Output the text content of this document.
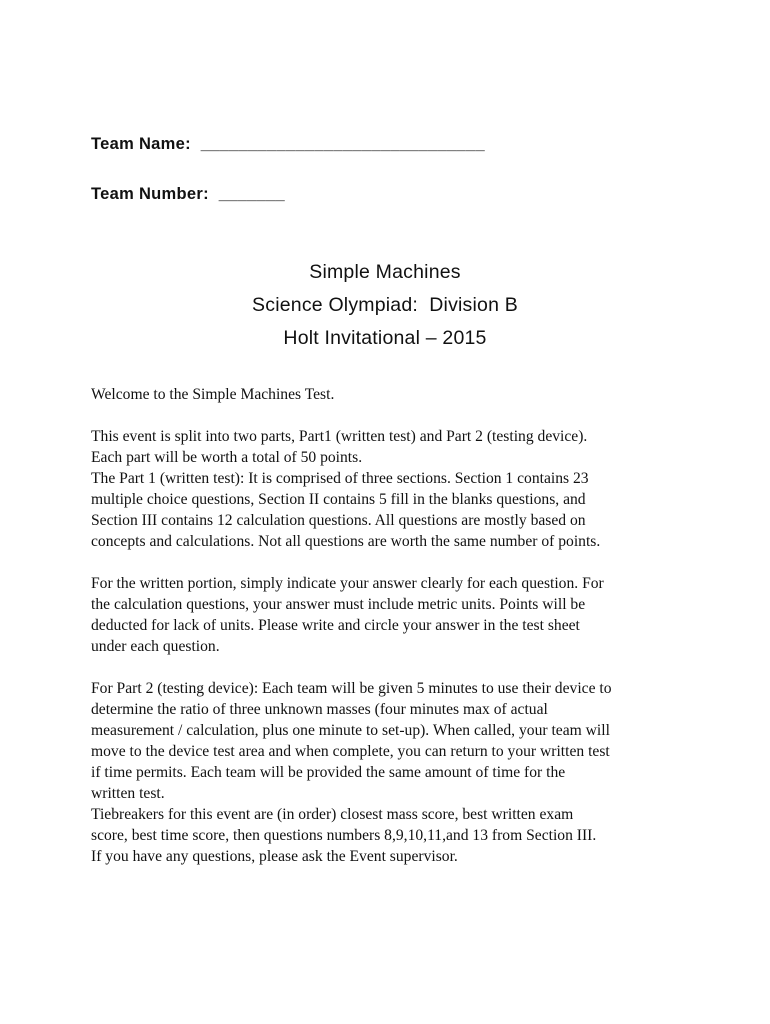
Team Name: ______________________________

Team Number: _______

Simple Machines
Science Olympiad:  Division B
Holt Invitational – 2015

Welcome to the Simple Machines Test.

This event is split into two parts, Part1 (written test) and Part 2 (testing device).

Each part will be worth a total of 50 points.

The Part 1 (written test): It is comprised of three sections. Section 1 contains 23

multiple choice questions, Section II contains 5 fill in the blanks questions, and

Section III contains 12 calculation questions. All questions are mostly based on

concepts and calculations. Not all questions are worth the same number of points.

For the written portion, simply indicate your answer clearly for each question. For

the calculation questions, your answer must include metric units. Points will be

deducted for lack of units. Please write and circle your answer in the test sheet

under each question.

For Part 2 (testing device): Each team will be given 5 minutes to use their device to

determine the ratio of three unknown masses (four minutes max of actual

measurement / calculation, plus one minute to set-up). When called, your team will

move to the device test area and when complete, you can return to your written test

if time permits. Each team will be provided the same amount of time for the

written test.

Tiebreakers for this event are (in order) closest mass score, best written exam

score, best time score, then questions numbers 8,9,10,11,and 13 from Section III.

If you have any questions, please ask the Event supervisor.
